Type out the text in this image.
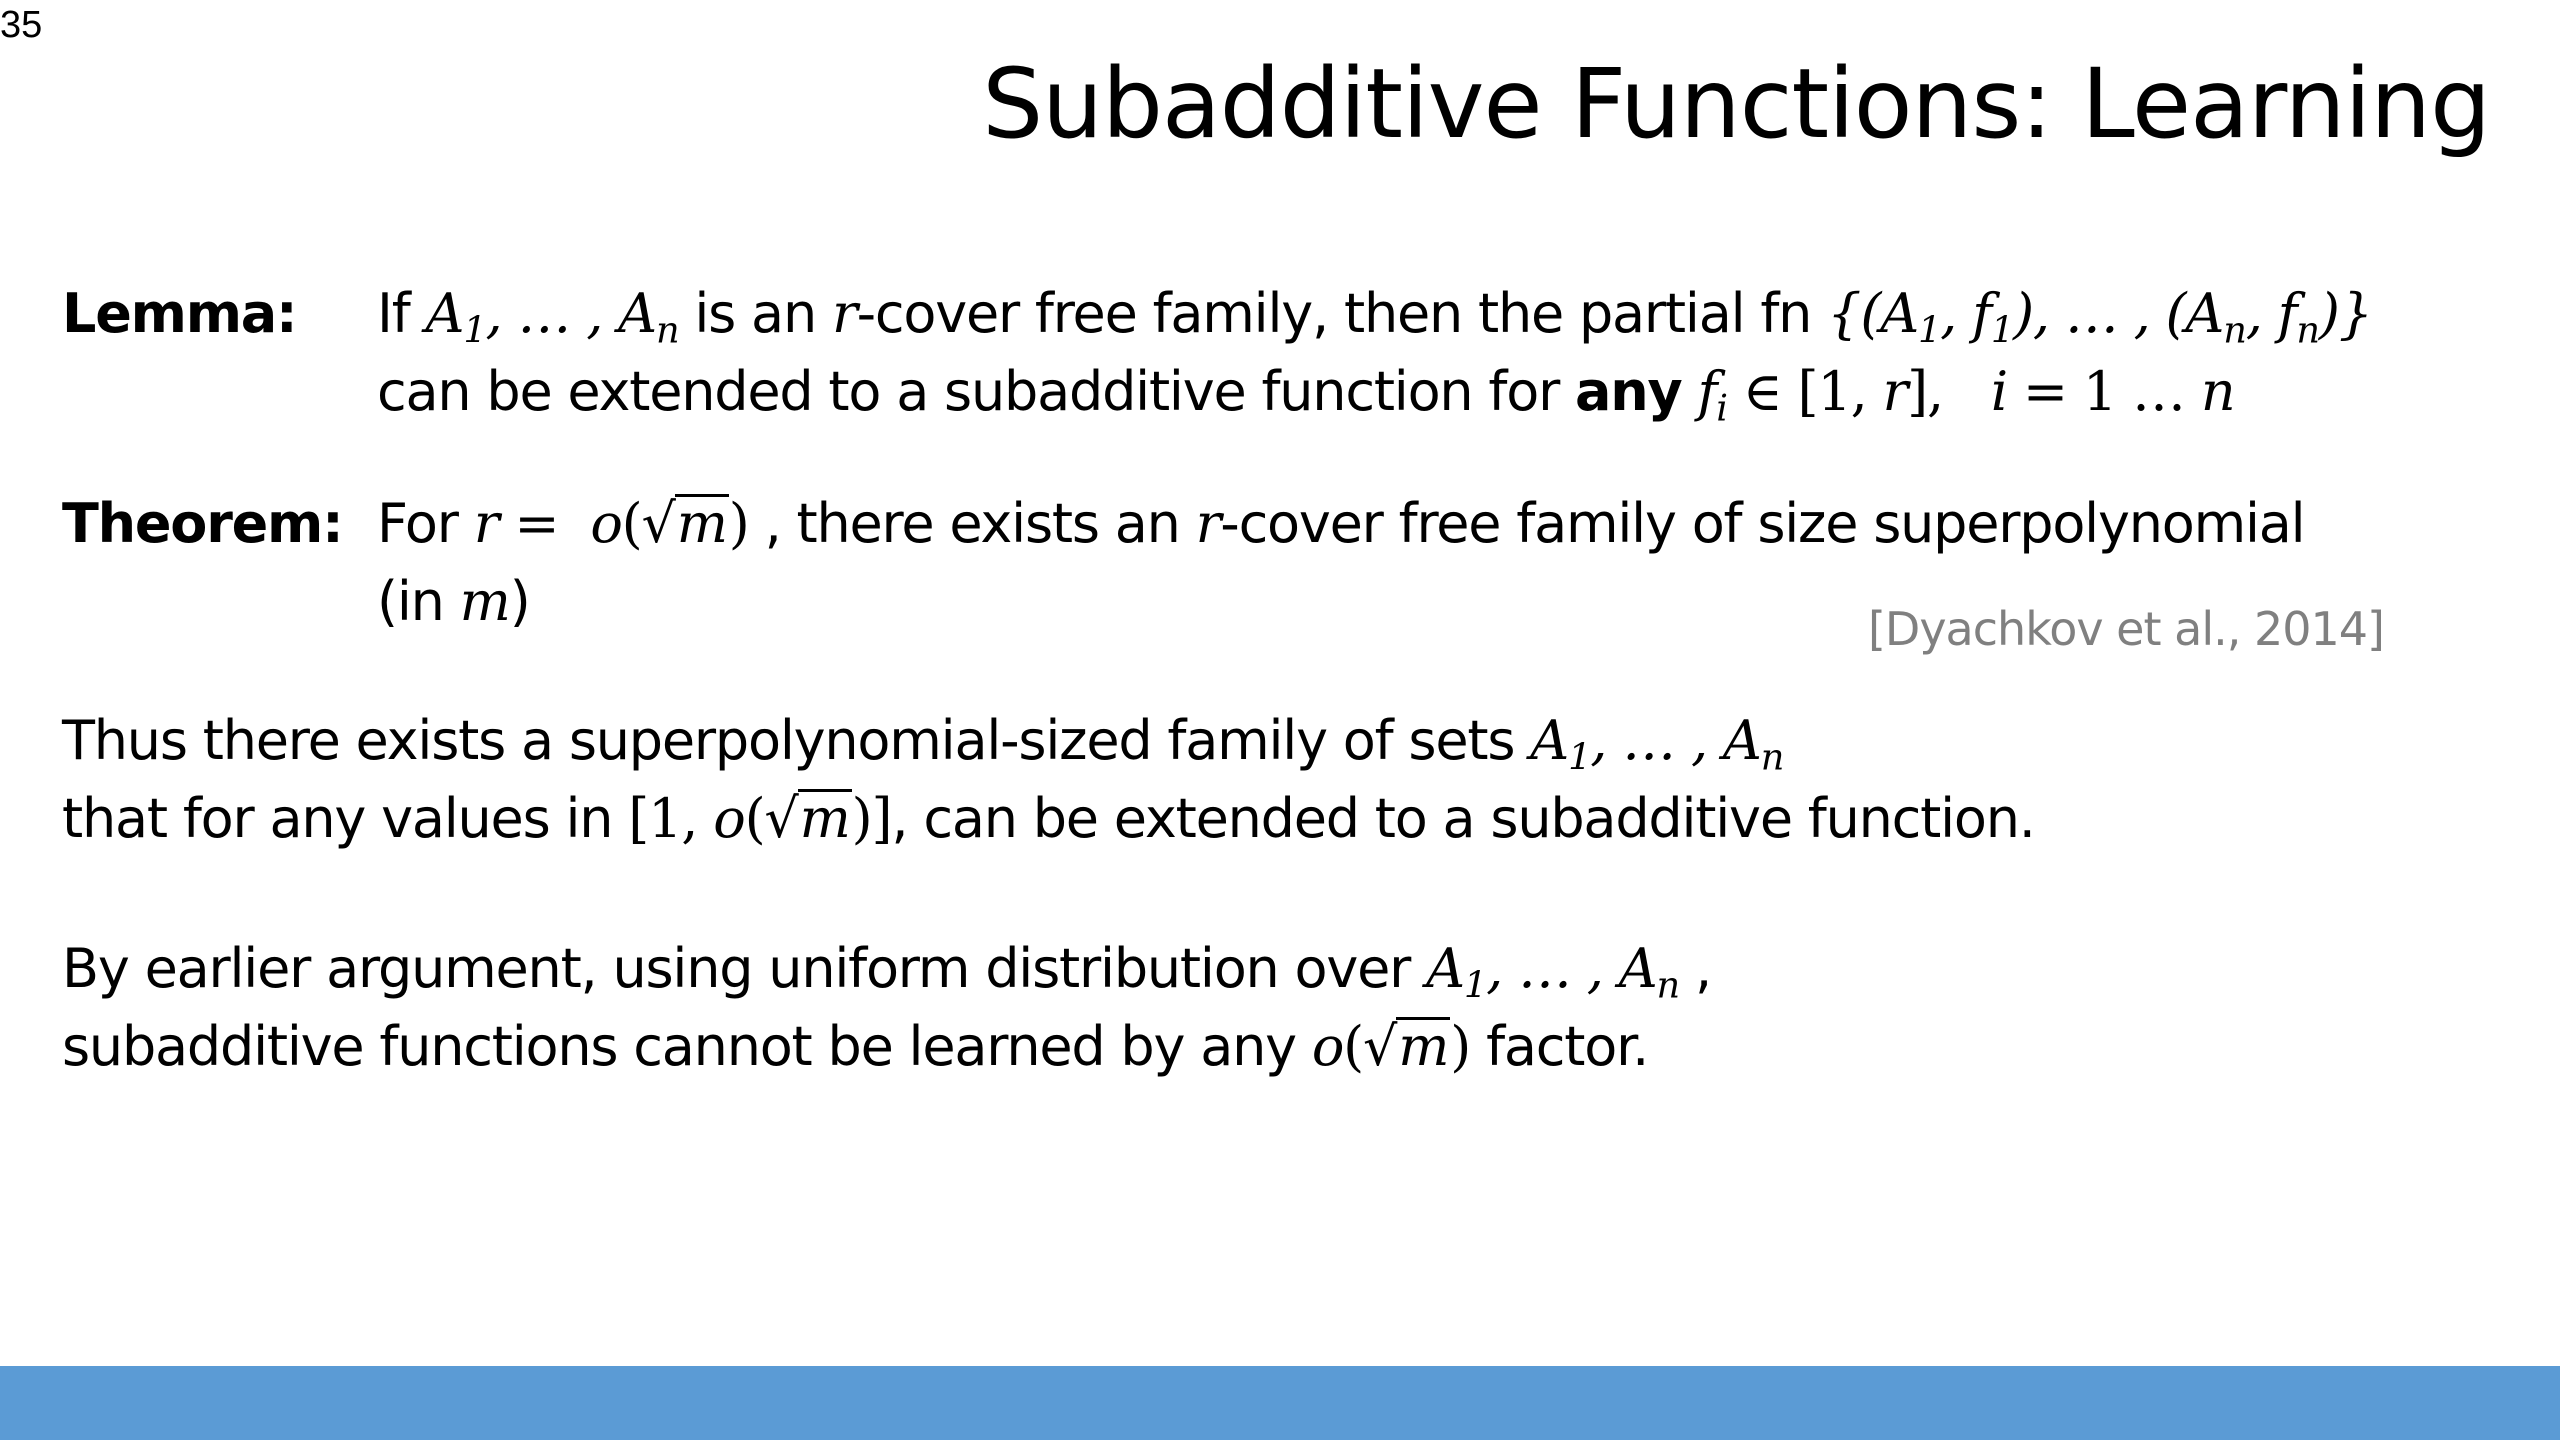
35
Subadditive Functions: Learning
Lemma: If $A_1$, … , $A_n$ is an r-cover free family, then the partial fn {($A_1$, $f_1$), … , ($A_n$, $f_n$)}
can be extended to a subadditive function for any $f_i$ ∈ [1, r],   i = 1 … n
Theorem: For r =  o(√m) , there exists an r-cover free family of size superpolynomial
(in m)	[Dyachkov et al., 2014]
Thus there exists a superpolynomial-sized family of sets $A_1$, … , $A_n$
that for any values in [1, o(√m)], can be extended to a subadditive function.
By earlier argument, using uniform distribution over $A_1$, … , $A_n$ ,
subadditive functions cannot be learned by any o(√m) factor.
